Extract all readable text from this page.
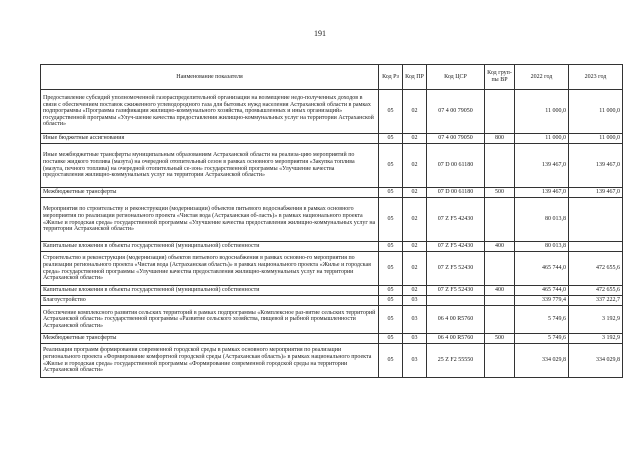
191
Наименование показателя	Код Рз	Код ПР	Код ЦСР	Код груп-пы ВР	2022 год	2023 год
Предоставление субсидий уполномоченной газораспределительной организации на возмещение недо-полученных доходов в связи с обеспечением поставок сжиженного углеводородного газа для бытовых нужд населения Астраханской области в рамках подпрограммы «Программа газификации жилищно-коммунального хозяйства, промышленных и иных организаций» государственной программы «Улуч-шение качества предоставления жилищно-коммунальных услуг на территории Астраханской области»	05	02	07 4 00 79050		11 000,0	11 000,0
Иные бюджетные ассигнования	05	02	07 4 00 79050	800	11 000,0	11 000,0
Иные межбюджетные трансферты муниципальным образованиям Астраханской области на реализа-цию мероприятий по поставке жидкого топлива (мазута) на очередной отопительный сезон в рамках основного мероприятия «Закупка топлива (мазута, печного топлива) на очередной отопительный се-зон» государственной программы «Улучшение качества предоставления жилищно-коммунальных услуг на территории Астраханской области»	05	02	07 D 00 61180		139 467,0	139 467,0
Межбюджетные трансферты	05	02	07 D 00 61180	500	139 467,0	139 467,0
Мероприятия по строительству и реконструкции (модернизации) объектов питьевого водоснабжения в рамках основного мероприятия по реализации регионального проекта «Чистая вода (Астраханская об-ласть)» в рамках национального проекта «Жилье и городская среда» государственной программы «Улучшение качества предоставления жилищно-коммунальных услуг на территории Астраханской области»	05	02	07 Z F5 42430		80 013,8	
Капитальные вложения в объекты государственной (муниципальной) собственности	05	02	07 Z F5 42430	400	80 013,8	
Строительство и реконструкция (модернизация) объектов питьевого водоснабжения в рамках основно-го мероприятия по реализации регионального проекта «Чистая вода (Астраханская область)» в рамках национального проекта «Жилье и городская среда» государственной программы «Улучшение качества предоставления жилищно-коммунальных услуг на территории Астраханской области»	05	02	07 Z F5 52430		465 744,0	472 655,6
Капитальные вложения в объекты государственной (муниципальной) собственности	05	02	07 Z F5 52430	400	465 744,0	472 655,6
Благоустройство	05	03			339 779,4	337 222,7
Обеспечение комплексного развития сельских территорий в рамках подпрограммы «Комплексное раз-витие сельских территорий Астраханской области» государственной программы «Развитие сельского хозяйства, пищевой и рыбной промышленности Астраханской области»	05	03	06 4 00 R5760		5 749,6	3 192,9
Межбюджетные трансферты	05	03	06 4 00 R5760	500	5 749,6	3 192,9
Реализация программ формирования современной городской среды в рамках основного мероприятия по реализации регионального проекта «Формирование комфортной городской среды (Астраханская область)» в рамках национального проекта «Жилье и городская среда» государственной программы «Формирование современной городской среды на территории Астраханской области»	05	03	25 Z F2 55550		334 029,8	334 029,8
